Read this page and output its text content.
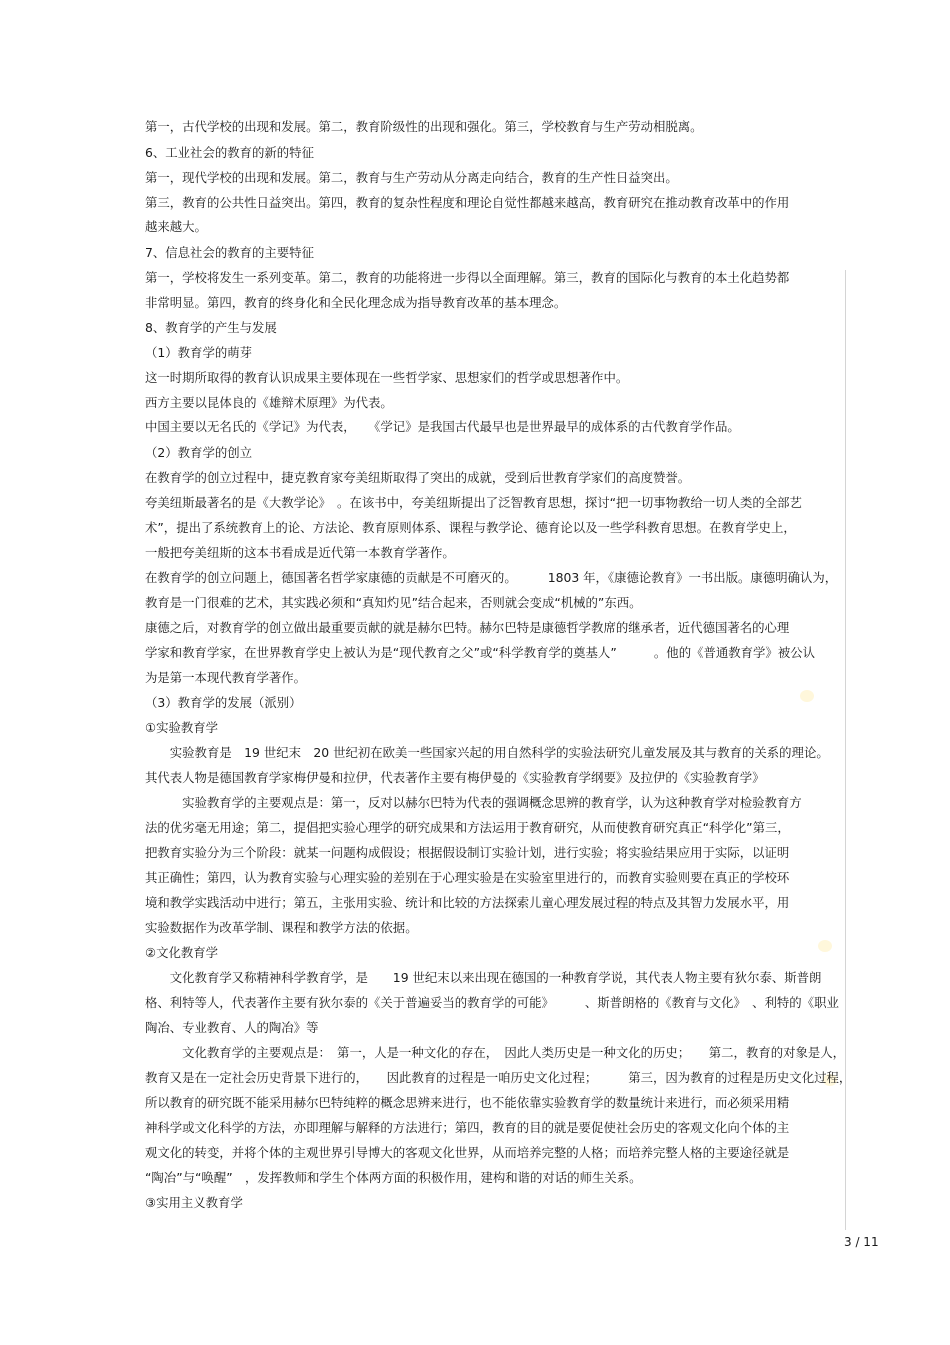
第一，古代学校的出现和发展。第二，教育阶级性的出现和强化。第三，学校教育与生产劳动相脱离。
6、工业社会的教育的新的特征
第一，现代学校的出现和发展。第二，教育与生产劳动从分离走向结合，教育的生产性日益突出。
第三，教育的公共性日益突出。第四，教育的复杂性程度和理论自觉性都越来越高，教育研究在推动教育改革中的作用
越来越大。
7、信息社会的教育的主要特征
第一，学校将发生一系列变革。第二，教育的功能将进一步得以全面理解。第三，教育的国际化与教育的本土化趋势都
非常明显。第四，教育的终身化和全民化理念成为指导教育改革的基本理念。
8、教育学的产生与发展
（1）教育学的萌芽
这一时期所取得的教育认识成果主要体现在一些哲学家、思想家们的哲学或思想著作中。
西方主要以昆体良的《雄辩术原理》为代表。
中国主要以无名氏的《学记》为代表，　　《学记》是我国古代最早也是世界最早的成体系的古代教育学作品。
（2）教育学的创立
在教育学的创立过程中，捷克教育家夸美纽斯取得了突出的成就，受到后世教育学家们的高度赞誉。
夸美纽斯最著名的是《大教学论》　。在该书中，夸美纽斯提出了泛智教育思想，探讨“把一切事物教给一切人类的全部艺
术”，提出了系统教育上的论、方法论、教育原则体系、课程与教学论、德育论以及一些学科教育思想。在教育学史上，
一般把夸美纽斯的这本书看成是近代第一本教育学著作。
在教育学的创立问题上，德国著名哲学家康德的贡献是不可磨灭的。　　　1803 年，《康德论教育》一书出版。康德明确认为，
教育是一门很难的艺术，其实践必须和“真知灼见”结合起来，否则就会变成“机械的”东西。
康德之后，对教育学的创立做出最重要贡献的就是赫尔巴特。赫尔巴特是康德哲学教席的继承者，近代德国著名的心理
学家和教育学家，在世界教育学史上被认为是“现代教育之父”或“科学教育学的奠基人”　　　。他的《普通教育学》被公认
为是第一本现代教育学著作。
（3）教育学的发展（派别）
①实验教育学
　　实验教育是　19 世纪末　20 世纪初在欧美一些国家兴起的用自然科学的实验法研究儿童发展及其与教育的关系的理论。
其代表人物是德国教育学家梅伊曼和拉伊，代表著作主要有梅伊曼的《实验教育学纲要》及拉伊的《实验教育学》
　　　实验教育学的主要观点是：第一，反对以赫尔巴特为代表的强调概念思辨的教育学，认为这种教育学对检验教育方
法的优劣毫无用途；第二，提倡把实验心理学的研究成果和方法运用于教育研究，从而使教育研究真正“科学化”第三，
把教育实验分为三个阶段：就某一问题构成假设；根据假设制订实验计划，进行实验；将实验结果应用于实际，以证明
其正确性；第四，认为教育实验与心理实验的差别在于心理实验是在实验室里进行的，而教育实验则要在真正的学校环
境和教学实践活动中进行；第五，主张用实验、统计和比较的方法探索儿童心理发展过程的特点及其智力发展水平，用
实验数据作为改革学制、课程和教学方法的依据。
②文化教育学
　　文化教育学又称精神科学教育学，是　　19 世纪末以来出现在德国的一种教育学说，其代表人物主要有狄尔泰、斯普朗
格、利特等人，代表著作主要有狄尔泰的《关于普遍妥当的教育学的可能》　　　、斯普朗格的《教育与文化》　、利特的《职业
陶冶、专业教育、人的陶冶》等
　　　文化教育学的主要观点是：　第一，人是一种文化的存在，　因此人类历史是一种文化的历史；　　第二，教育的对象是人，
教育又是在一定社会历史背景下进行的，　　因此教育的过程是一咱历史文化过程；　　　第三，因为教育的过程是历史文化过程，
所以教育的研究既不能采用赫尔巴特纯粹的概念思辨来进行，也不能依靠实验教育学的数量统计来进行，而必须采用精
神科学或文化科学的方法，亦即理解与解释的方法进行；第四，教育的目的就是要促使社会历史的客观文化向个体的主
观文化的转变，并将个体的主观世界引导博大的客观文化世界，从而培养完整的人格；而培养完整人格的主要途径就是
“陶冶”与“唤醒”　，发挥教师和学生个体两方面的积极作用，建构和谐的对话的师生关系。
③实用主义教育学
3 / 11
